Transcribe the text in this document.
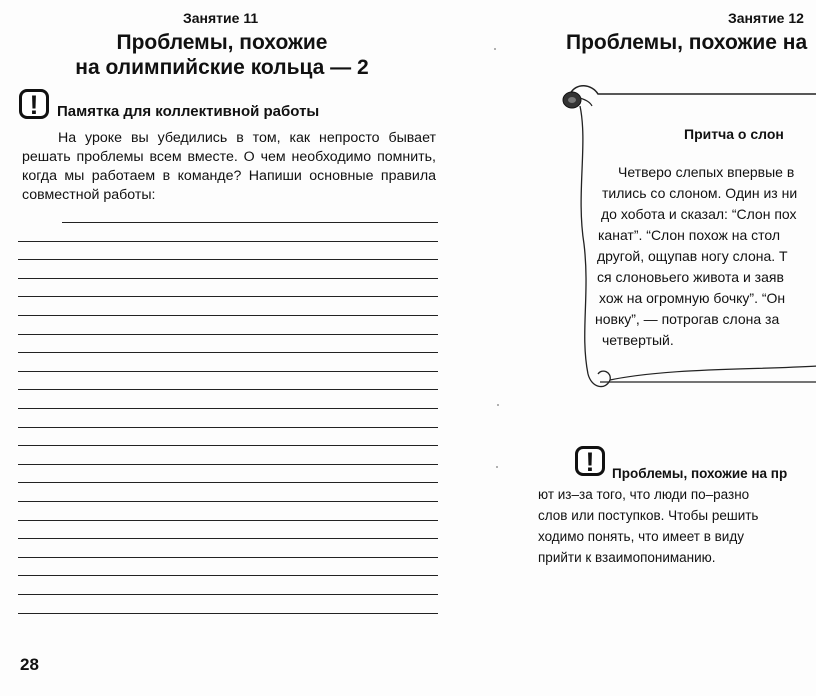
Занятие 11
Проблемы, похожие
на олимпийские кольца — 2
!	Памятка для коллективной работы
На уроке вы убедились в том, как непросто бывает решать проблемы всем вместе. О чем необходимо помнить, когда мы работаем в команде? Напиши основные правила совместной работы:
28
Занятие 12
Проблемы, похожие на
Притча о слон
Четверо слепых впервые в
тились со слоном. Один из ни
до хобота и сказал: “Слон пох
канат”. “Слон похож на стол
другой, ощупав ногу слона. Т
ся слоновьего живота и заяв
хож на огромную бочку”. “Он
новку”, — потрогав слона за
четвертый.
!	Проблемы, похожие на пр
ют из–за того, что люди по–разно
слов или поступков. Чтобы решить
ходимо понять, что имеет в виду
прийти к взаимопониманию.
